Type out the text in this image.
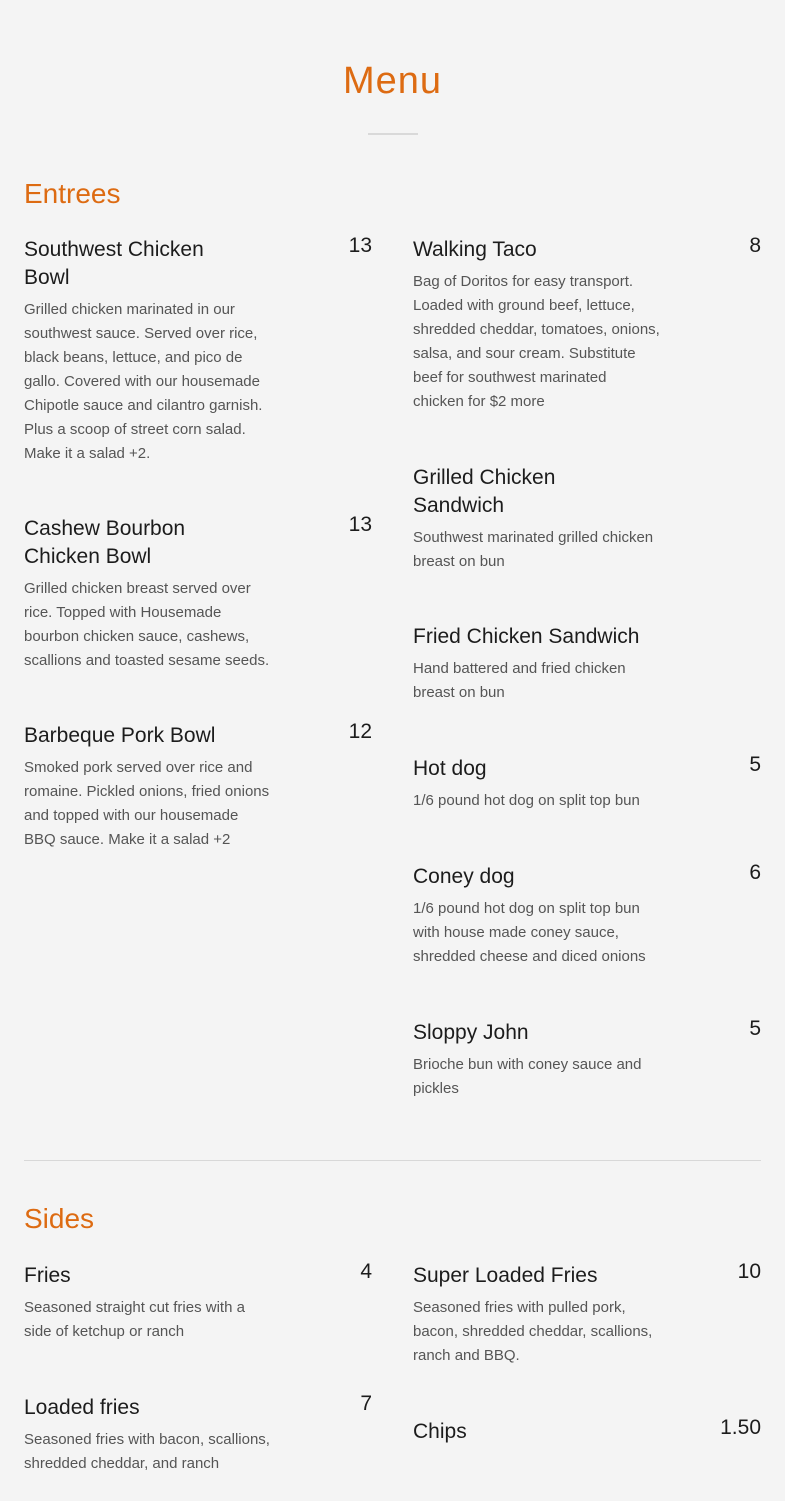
Menu
Entrees
Southwest Chicken Bowl
13
Grilled chicken marinated in our southwest sauce. Served over rice, black beans, lettuce, and pico de gallo. Covered with our housemade Chipotle sauce and cilantro garnish. Plus a scoop of street corn salad. Make it a salad +2.
Cashew Bourbon Chicken Bowl
13
Grilled chicken breast served over rice. Topped with Housemade bourbon chicken sauce, cashews, scallions and toasted sesame seeds.
Barbeque Pork Bowl	12
Smoked pork served over rice and romaine. Pickled onions, fried onions and topped with our housemade BBQ sauce. Make it a salad +2
Walking Taco	8
Bag of Doritos for easy transport. Loaded with ground beef, lettuce, shredded cheddar, tomatoes, onions, salsa, and sour cream. Substitute beef for southwest marinated chicken for $2 more
Grilled Chicken Sandwich
Southwest marinated grilled chicken breast on bun
Fried Chicken Sandwich
Hand battered and fried chicken breast on bun
Hot dog	5
1/6 pound hot dog on split top bun
Coney dog	6
1/6 pound hot dog on split top bun with house made coney sauce, shredded cheese and diced onions
Sloppy John	5
Brioche bun with coney sauce and pickles
Sides
Fries	4
Seasoned straight cut fries with a side of ketchup or ranch
Loaded fries	7
Seasoned fries with bacon, scallions, shredded cheddar, and ranch
Super Loaded Fries	10
Seasoned fries with pulled pork, bacon, shredded cheddar, scallions, ranch and BBQ.
Chips	1.50
